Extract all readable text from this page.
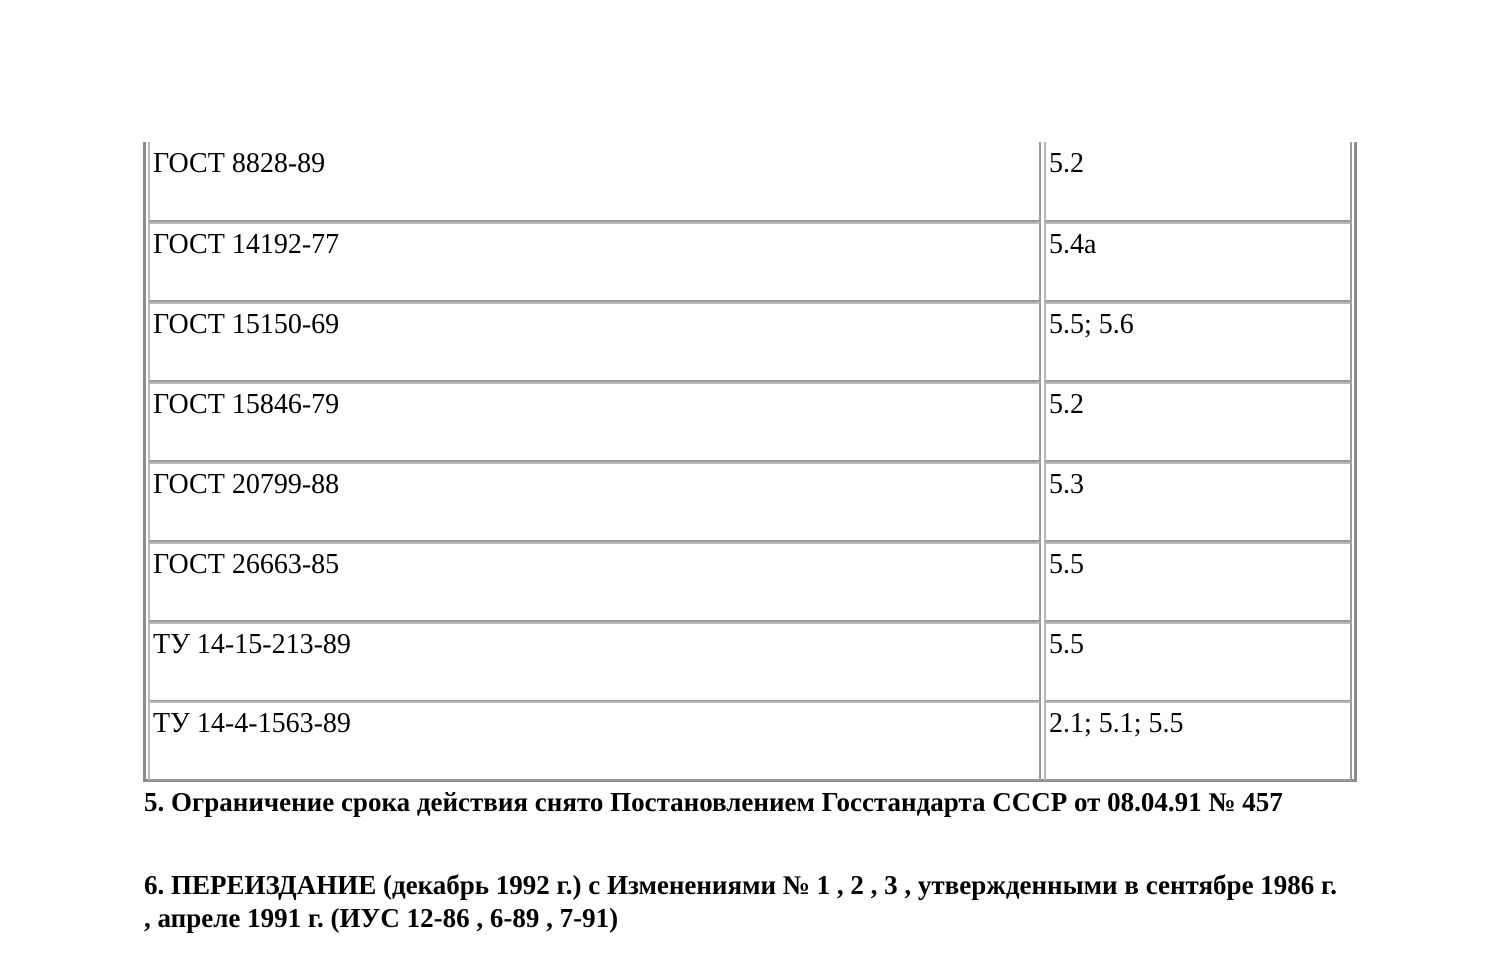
ГОСТ 8828-89	5.2
ГОСТ 14192-77	5.4а
ГОСТ 15150-69	5.5; 5.6
ГОСТ 15846-79	5.2
ГОСТ 20799-88	5.3
ГОСТ 26663-85	5.5
ТУ 14-15-213-89	5.5
ТУ 14-4-1563-89	2.1; 5.1; 5.5
5. Ограничение срока действия снято Постановлением Госстандарта СССР от 08.04.91 № 457
6. ПЕРЕИЗДАНИЕ (декабрь 1992 г.) с Изменениями № 1 , 2 , 3 , утвержденными в сентябре 1986 г. , апреле 1991 г. (ИУС 12-86 , 6-89 , 7-91)
